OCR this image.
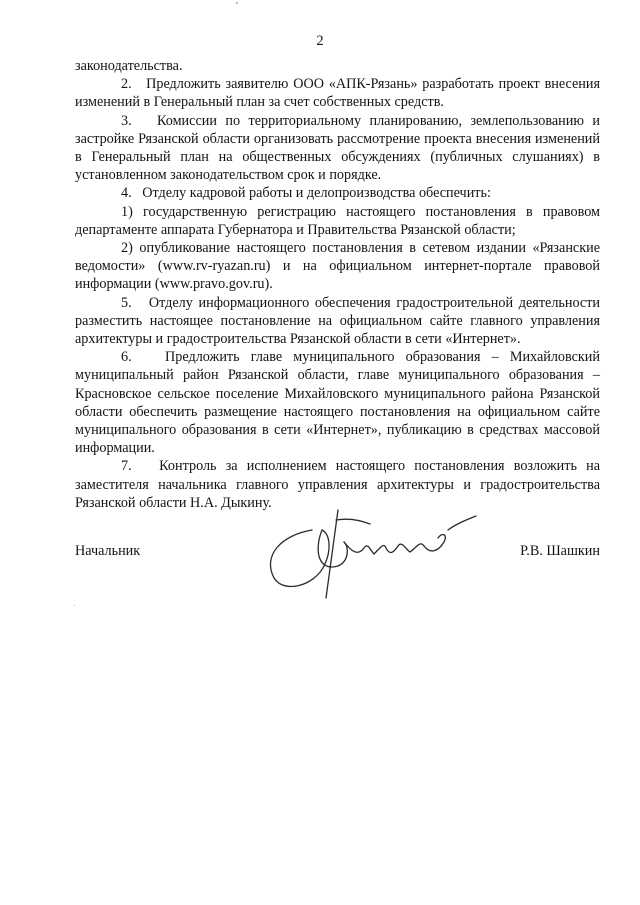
2

законодательства.

2.   Предложить заявителю ООО «АПК-Рязань» разработать проект внесения изменений в Генеральный план за счет собственных средств.

3.   Комиссии по территориальному планированию, землепользованию и застройке Рязанской области организовать рассмотрение проекта внесения изменений в Генеральный план на общественных обсуждениях (публичных слушаниях) в установленном законодательством срок и порядке.

4.   Отделу кадровой работы и делопроизводства обеспечить:

1) государственную регистрацию настоящего постановления в правовом департаменте аппарата Губернатора и Правительства Рязанской области;

2) опубликование настоящего постановления в сетевом издании «Рязанские ведомости» (www.rv-ryazan.ru) и на официальном интернет-портале правовой информации (www.pravo.gov.ru).

5.   Отделу информационного обеспечения градостроительной деятельности разместить настоящее постановление на официальном сайте главного управления архитектуры и градостроительства Рязанской области в сети «Интернет».

6.   Предложить главе муниципального образования – Михайловский муниципальный район Рязанской области, главе муниципального образования – Красновское сельское поселение Михайловского муниципального района Рязанской области обеспечить размещение настоящего постановления на официальном сайте муниципального образования в сети «Интернет», публикацию в средствах массовой информации.

7.   Контроль за исполнением настоящего постановления возложить на заместителя начальника главного управления архитектуры и градостроительства Рязанской области Н.А. Дыкину.

Начальник	Р.В. Шашкин
